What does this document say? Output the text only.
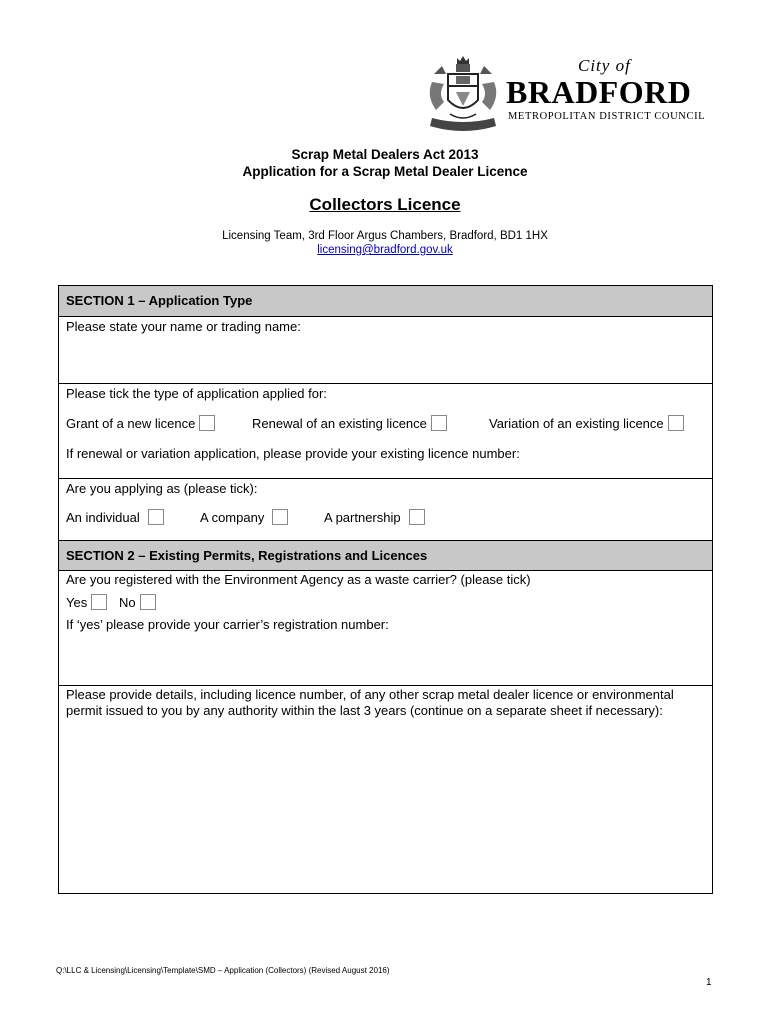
City of
BRADFORD
METROPOLITAN DISTRICT COUNCIL
Scrap Metal Dealers Act 2013
Application for a Scrap Metal Dealer Licence
Collectors Licence
Licensing Team, 3rd Floor Argus Chambers, Bradford, BD1 1HX
licensing@bradford.gov.uk
SECTION 1 – Application Type
Please state your name or trading name:
Please tick the type of application applied for:
Grant of a new licence	Renewal of an existing licence	Variation of an existing licence
If renewal or variation application, please provide your existing licence number:
Are you applying as (please tick):
An individual	A company	A partnership
SECTION 2 – Existing Permits, Registrations and Licences
Are you registered with the Environment Agency as a waste carrier? (please tick)
Yes	No
If ‘yes’ please provide your carrier’s registration number:
Please provide details, including licence number, of any other scrap metal dealer licence or environmental permit issued to you by any authority within the last 3 years (continue on a separate sheet if necessary):
Q:\LLC & Licensing\Licensing\Template\SMD – Application (Collectors) (Revised August 2016)
1
